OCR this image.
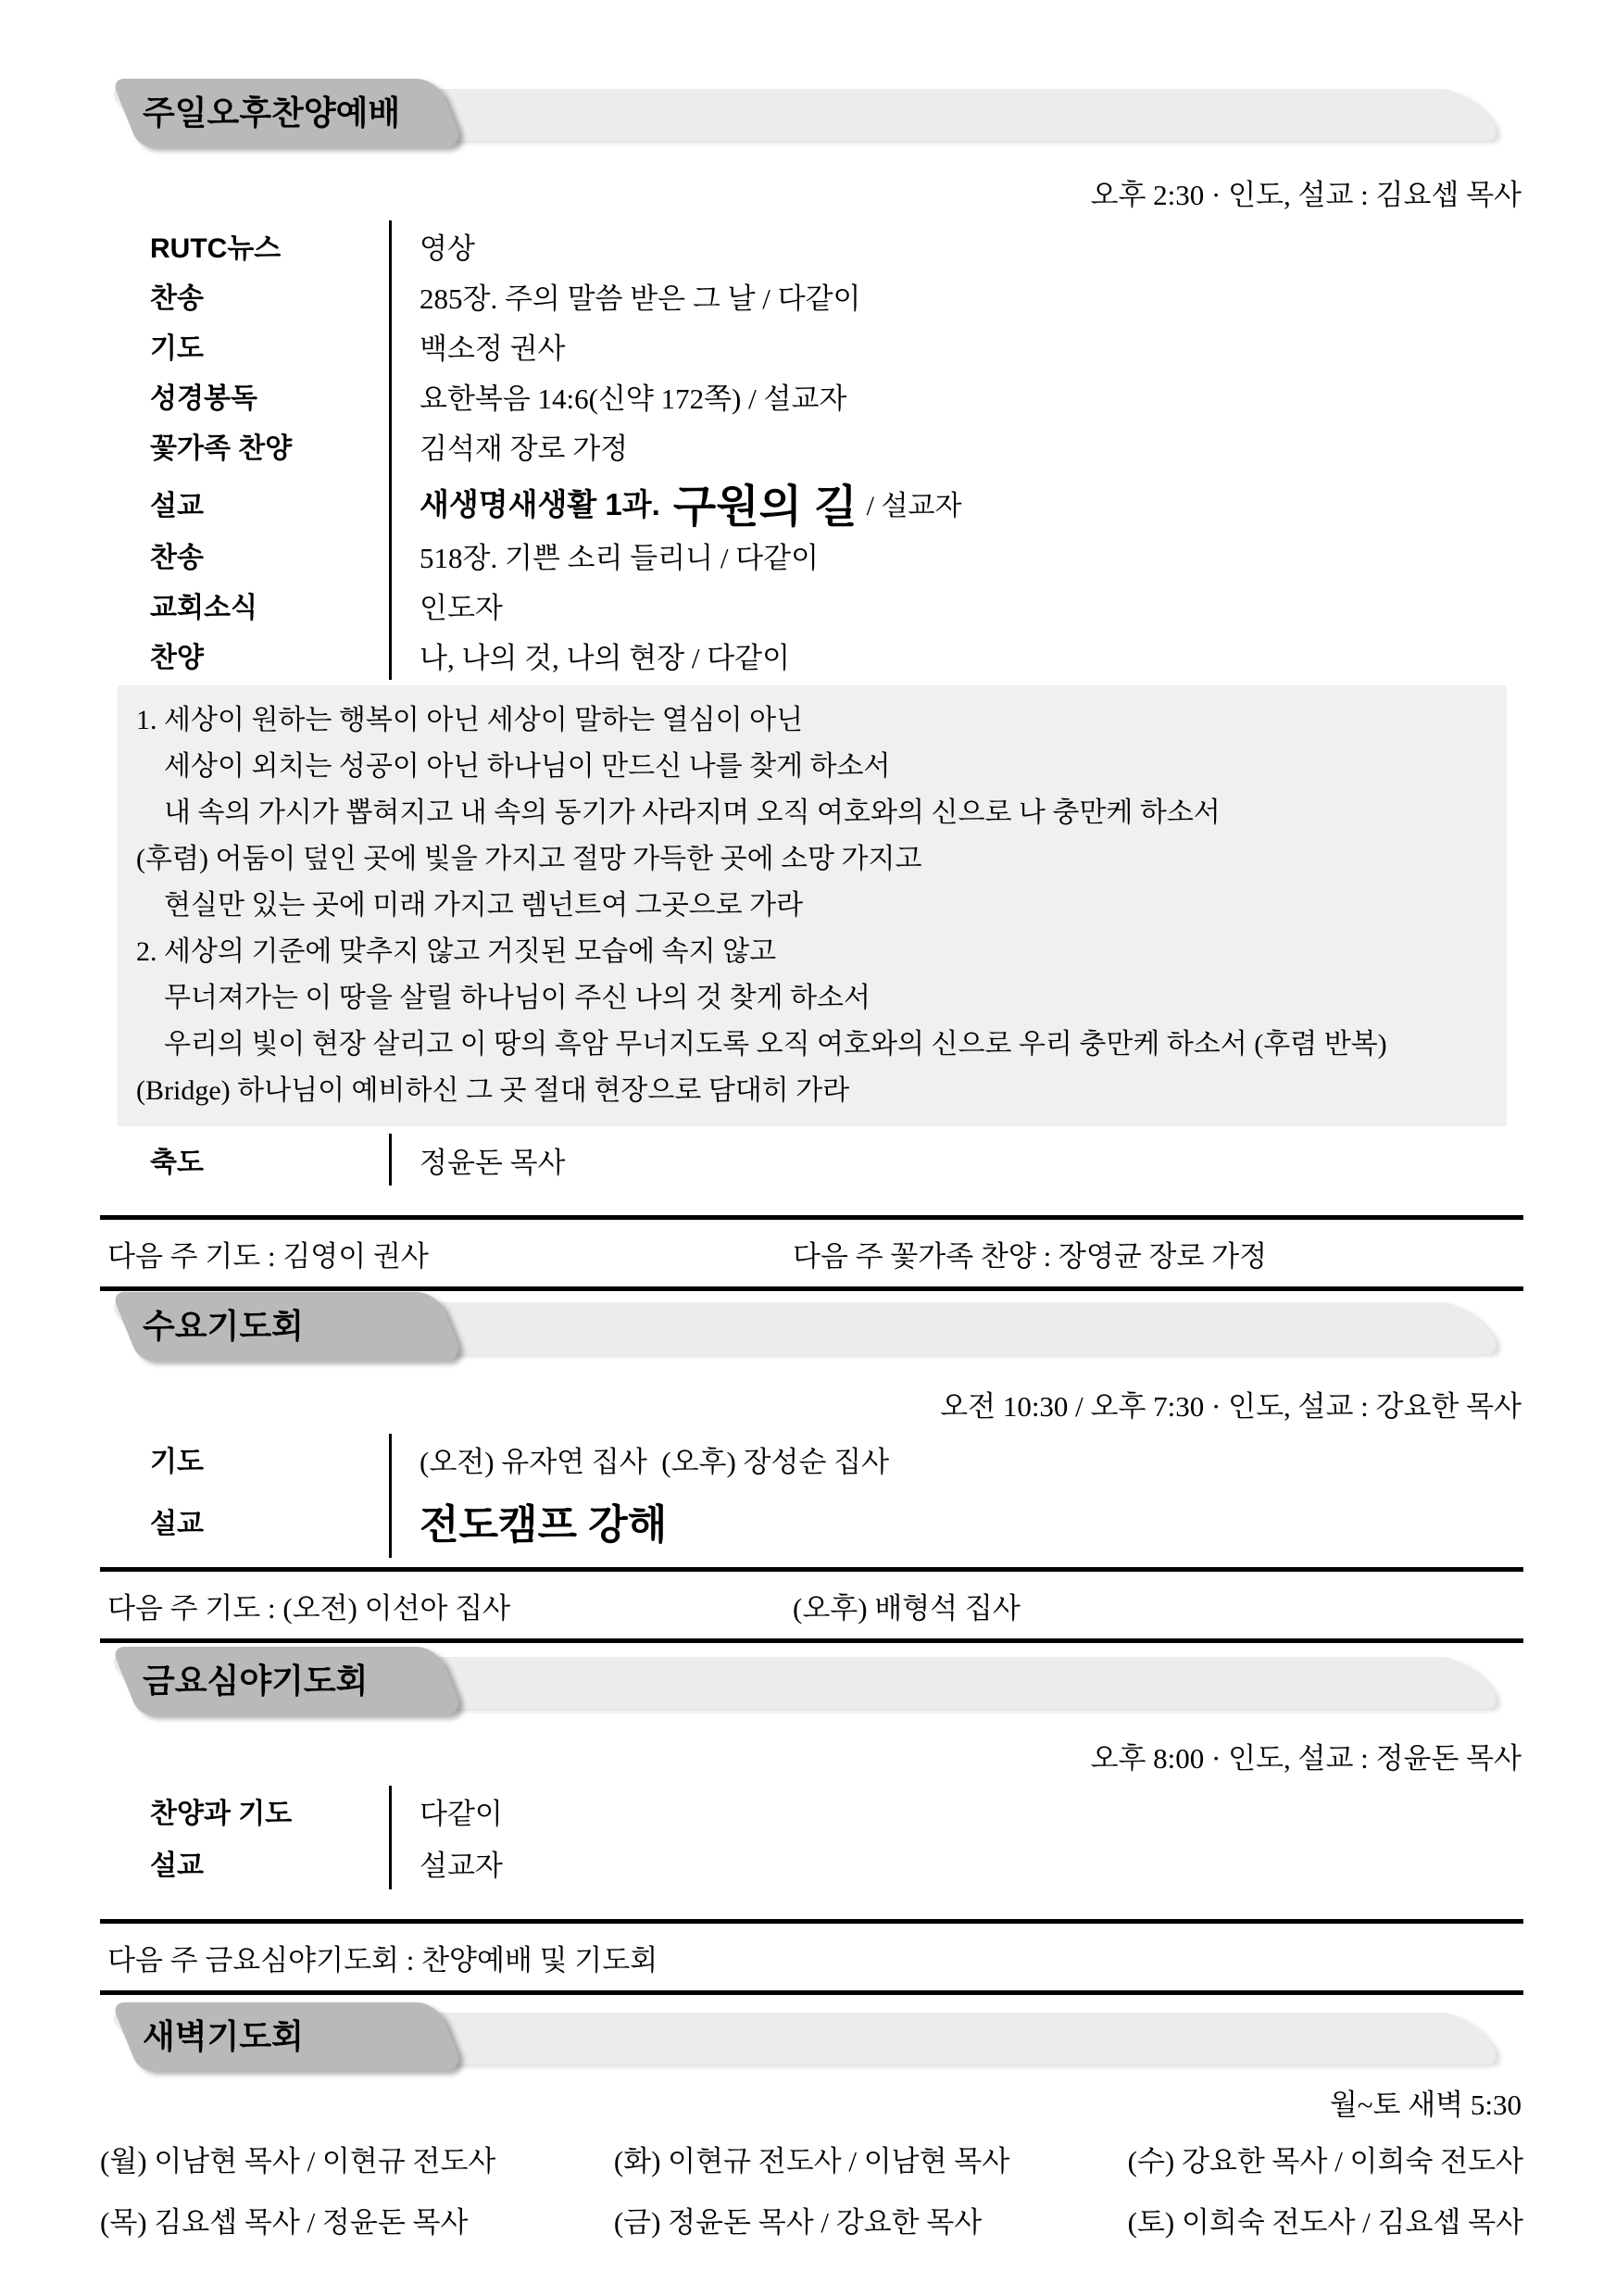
주일오후찬양예배
오후 2:30 · 인도, 설교 : 김요셉 목사
RUTC뉴스	영상
찬송	285장. 주의 말씀 받은 그 날 / 다같이
기도	백소정 권사
성경봉독	요한복음 14:6(신약 172쪽) / 설교자
꽃가족 찬양	김석재 장로 가정
설교	새생명새생활 1과. 구원의 길 / 설교자
찬송	518장. 기쁜 소리 들리니 / 다같이
교회소식	인도자
찬양	나, 나의 것, 나의 현장 / 다같이
1. 세상이 원하는 행복이 아닌 세상이 말하는 열심이 아닌
세상이 외치는 성공이 아닌 하나님이 만드신 나를 찾게 하소서
내 속의 가시가 뽑혀지고 내 속의 동기가 사라지며 오직 여호와의 신으로 나 충만케 하소서
(후렴) 어둠이 덮인 곳에 빛을 가지고 절망 가득한 곳에 소망 가지고
현실만 있는 곳에 미래 가지고 렘넌트여 그곳으로 가라
2. 세상의 기준에 맞추지 않고 거짓된 모습에 속지 않고
무너져가는 이 땅을 살릴 하나님이 주신 나의 것 찾게 하소서
우리의 빛이 현장 살리고 이 땅의 흑암 무너지도록 오직 여호와의 신으로 우리 충만케 하소서 (후렴 반복)
(Bridge) 하나님이 예비하신 그 곳 절대 현장으로 담대히 가라
축도	정윤돈 목사
다음 주 기도 : 김영이 권사	다음 주 꽃가족 찬양 : 장영균 장로 가정
수요기도회
오전 10:30 / 오후 7:30 · 인도, 설교 : 강요한 목사
기도	(오전) 유자연 집사  (오후) 장성순 집사
설교	전도캠프 강해
다음 주 기도 : (오전) 이선아 집사	(오후) 배형석 집사
금요심야기도회
오후 8:00 · 인도, 설교 : 정윤돈 목사
찬양과 기도	다같이
설교	설교자
다음 주 금요심야기도회 : 찬양예배 및 기도회
새벽기도회
월~토 새벽 5:30
(월) 이남현 목사 / 이현규 전도사	(화) 이현규 전도사 / 이남현 목사	(수) 강요한 목사 / 이희숙 전도사
(목) 김요셉 목사 / 정윤돈 목사	(금) 정윤돈 목사 / 강요한 목사	(토) 이희숙 전도사 / 김요셉 목사
